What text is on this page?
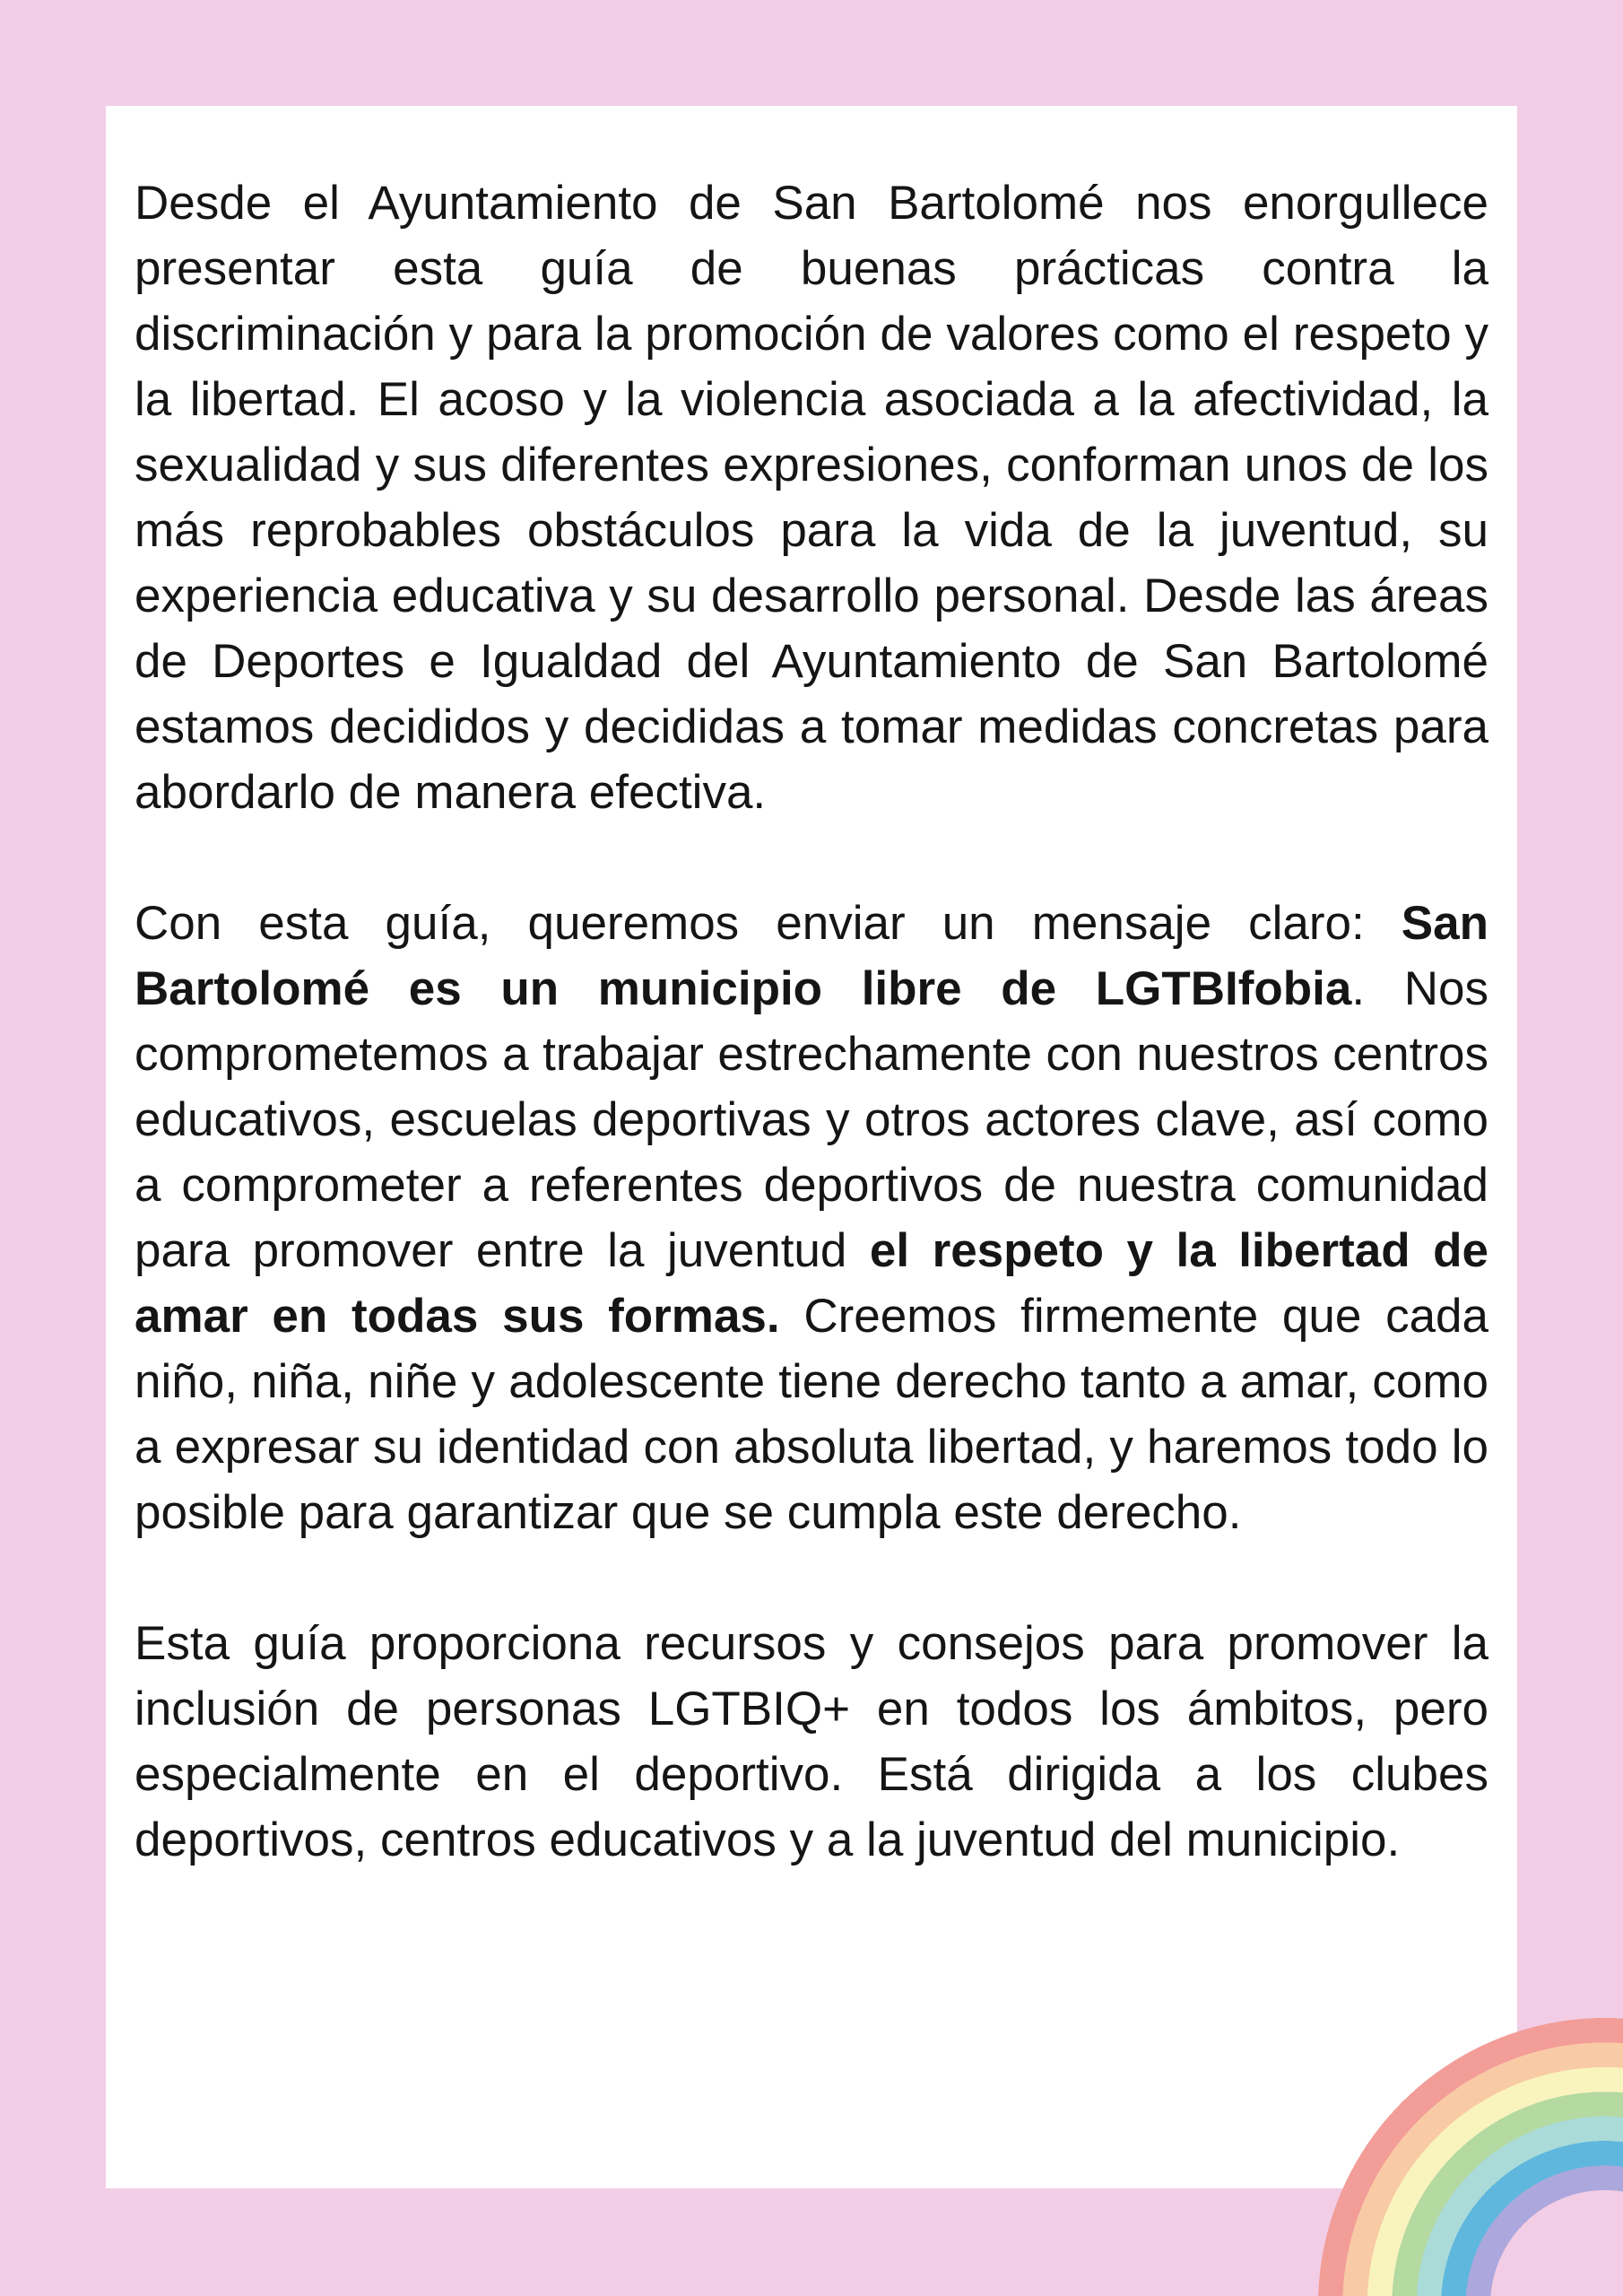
Desde el Ayuntamiento de San Bartolomé nos enorgullece presentar esta guía de buenas prácticas contra la discriminación y para la promoción de valores como el respeto y la libertad. El acoso y la violencia asociada a la afectividad, la sexualidad y sus diferentes expresiones, conforman unos de los más reprobables obstáculos para la vida de la juventud, su experiencia educativa y su desarrollo personal. Desde las áreas de Deportes e Igualdad del Ayuntamiento de San Bartolomé estamos decididos y decididas a tomar medidas concretas para abordarlo de manera efectiva.

Con esta guía, queremos enviar un mensaje claro: San Bartolomé es un municipio libre de LGTBIfobia. Nos comprometemos a trabajar estrechamente con nuestros centros educativos, escuelas deportivas y otros actores clave, así como a comprometer a referentes deportivos de nuestra comunidad para promover entre la juventud el respeto y la libertad de amar en todas sus formas. Creemos firmemente que cada niño, niña, niñe y adolescente tiene derecho tanto a amar, como a expresar su identidad con absoluta libertad, y haremos todo lo posible para garantizar que se cumpla este derecho.

Esta guía proporciona recursos y consejos para promover la inclusión de personas LGTBIQ+ en todos los ámbitos, pero especialmente en el deportivo. Está dirigida a los clubes deportivos, centros educativos y a la juventud del municipio.
